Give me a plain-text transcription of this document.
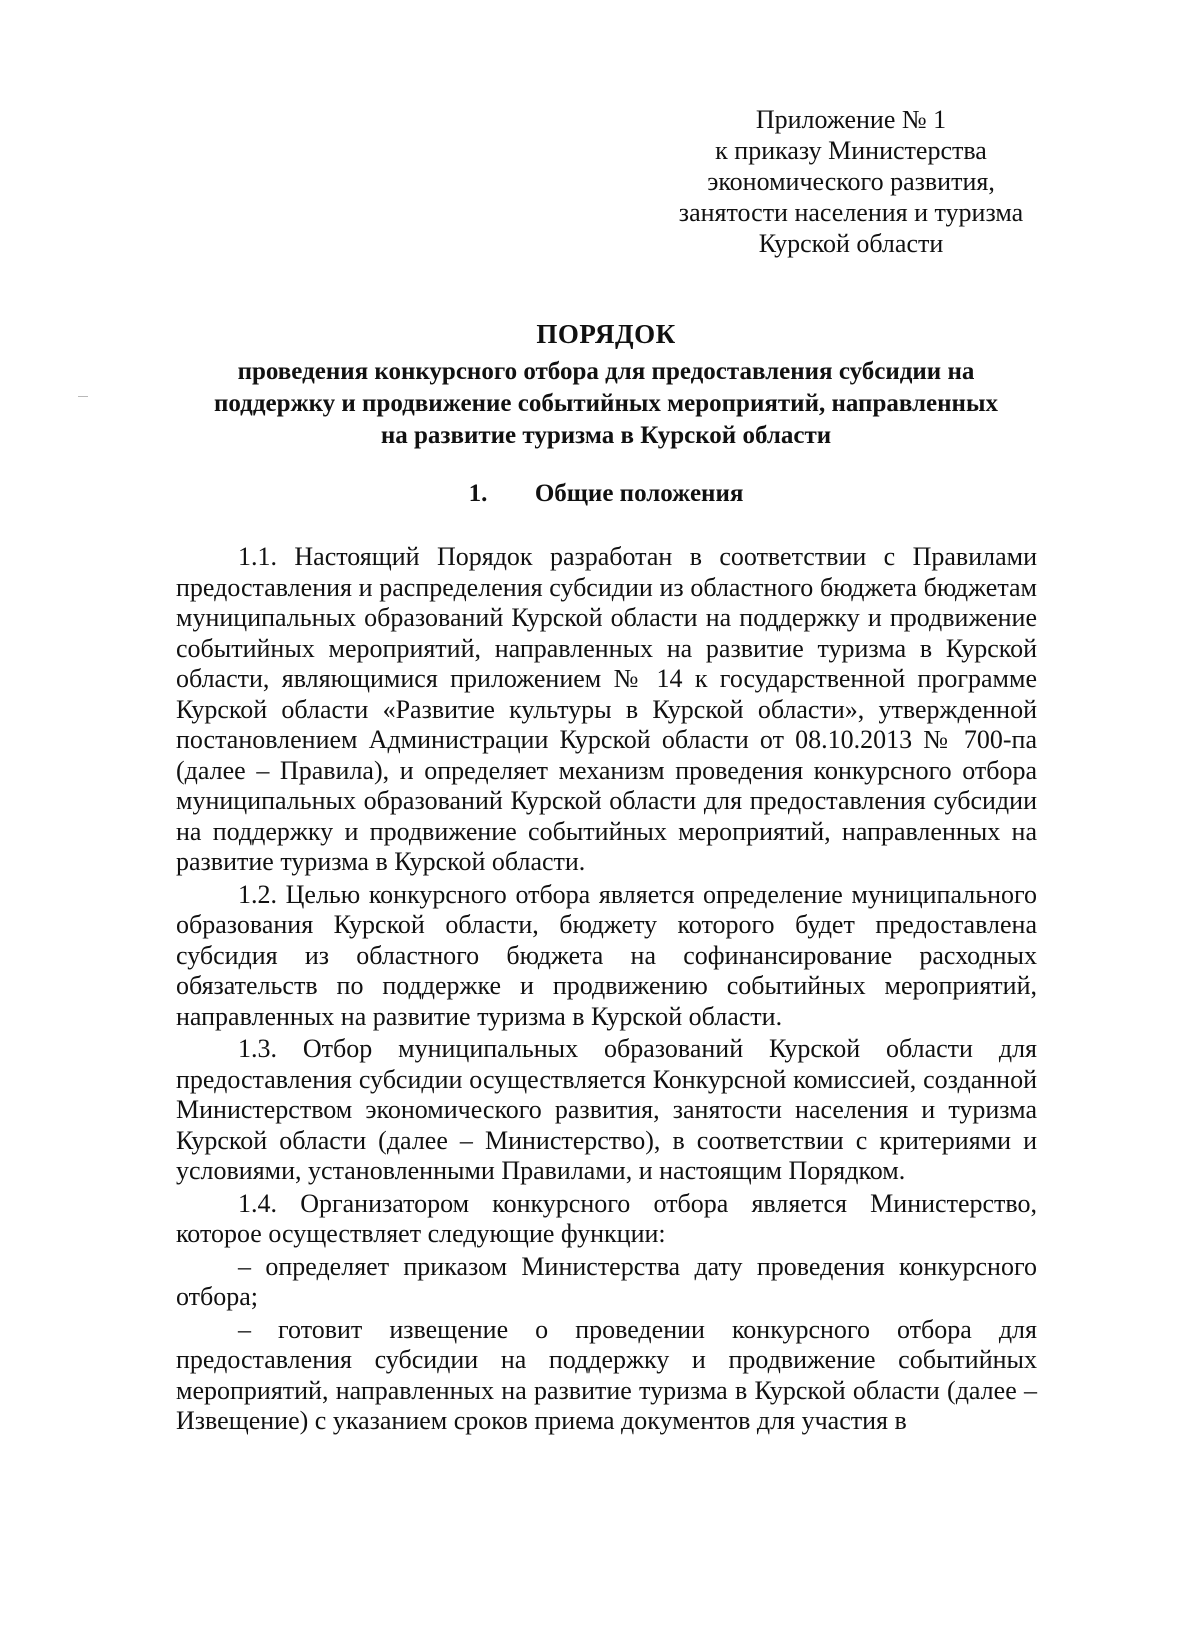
Приложение № 1
к приказу Министерства
экономического развития,
занятости населения и туризма
Курской области
ПОРЯДОК
проведения конкурсного отбора для предоставления субсидии на
поддержку и продвижение событийных мероприятий, направленных
на развитие туризма в Курской области
1. Общие положения

1.1. Настоящий Порядок разработан в соответствии с Правилами предоставления и распределения субсидии из областного бюджета бюджетам муниципальных образований Курской области на поддержку и продвижение событийных мероприятий, направленных на развитие туризма в Курской области, являющимися приложением № 14 к государственной программе Курской области «Развитие культуры в Курской области», утвержденной постановлением Администрации Курской области от 08.10.2013 № 700-па (далее – Правила), и определяет механизм проведения конкурсного отбора муниципальных образований Курской области для предоставления субсидии на поддержку и продвижение событийных мероприятий, направленных на развитие туризма в Курской области.

1.2. Целью конкурсного отбора является определение муниципального образования Курской области, бюджету которого будет предоставлена субсидия из областного бюджета на софинансирование расходных обязательств по поддержке и продвижению событийных мероприятий, направленных на развитие туризма в Курской области.

1.3. Отбор муниципальных образований Курской области для предоставления субсидии осуществляется Конкурсной комиссией, созданной Министерством экономического развития, занятости населения и туризма Курской области (далее – Министерство), в соответствии с критериями и условиями, установленными Правилами, и настоящим Порядком.

1.4. Организатором конкурсного отбора является Министерство, которое осуществляет следующие функции:

– определяет приказом Министерства дату проведения конкурсного отбора;

– готовит извещение о проведении конкурсного отбора для предоставления субсидии на поддержку и продвижение событийных мероприятий, направленных на развитие туризма в Курской области (далее – Извещение) с указанием сроков приема документов для участия в
